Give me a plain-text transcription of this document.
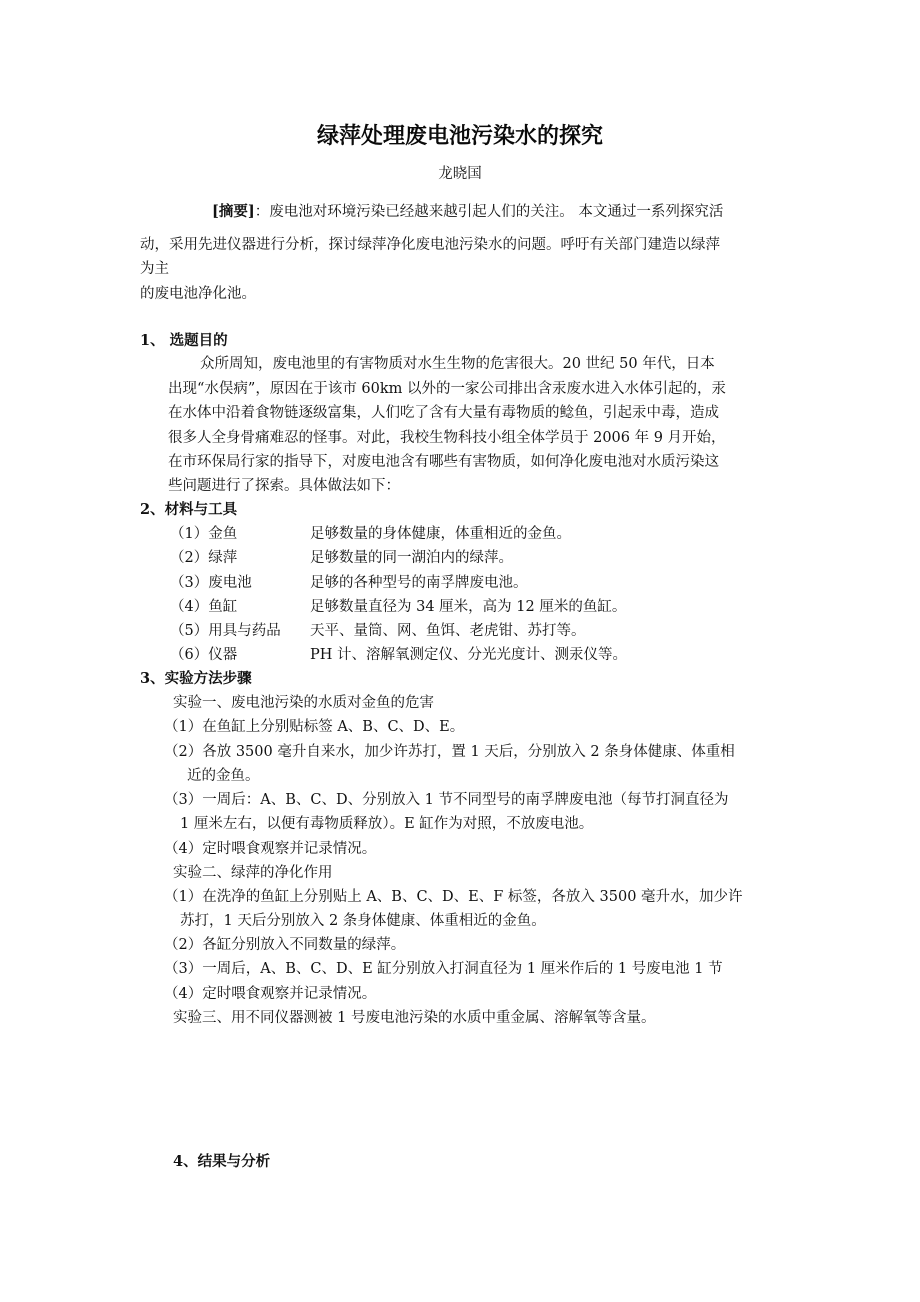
绿萍处理废电池污染水的探究
龙晓国
[摘要]：废电池对环境污染已经越来越引起人们的关注。 本文通过一系列探究活
动，采用先进仪器进行分析，探讨绿萍净化废电池污染水的问题。呼吁有关部门建造以绿萍
为主
的废电池净化池。
1、 选题目的
众所周知，废电池里的有害物质对水生生物的危害很大。20 世纪 50 年代，日本
出现“水俣病”，原因在于该市 60km 以外的一家公司排出含汞废水进入水体引起的，汞
在水体中沿着食物链逐级富集，人们吃了含有大量有毒物质的鲶鱼，引起汞中毒，造成
很多人全身骨痛难忍的怪事。对此，我校生物科技小组全体学员于 2006 年 9 月开始，
在市环保局行家的指导下，对废电池含有哪些有害物质，如何净化废电池对水质污染这
些问题进行了探索。具体做法如下：
2、材料与工具
（1）金鱼	足够数量的身体健康，体重相近的金鱼。
（2）绿萍	足够数量的同一湖泊内的绿萍。
（3）废电池	足够的各种型号的南孚牌废电池。
（4）鱼缸	足够数量直径为 34 厘米，高为 12 厘米的鱼缸。
（5）用具与药品 天平、量筒、网、鱼饵、老虎钳、苏打等。
（6）仪器	PH 计、溶解氧测定仪、分光光度计、测汞仪等。
3、实验方法步骤
实验一、废电池污染的水质对金鱼的危害
（1）在鱼缸上分别贴标签 A、B、C、D、E。
（2）各放 3500 毫升自来水，加少许苏打，置 1 天后，分别放入 2 条身体健康、体重相
近的金鱼。
（3）一周后：A、B、C、D、分别放入 1 节不同型号的南孚牌废电池（每节打洞直径为
1 厘米左右，以便有毒物质释放）。E 缸作为对照，不放废电池。
（4）定时喂食观察并记录情况。
实验二、绿萍的净化作用
（1）在洗净的鱼缸上分别贴上 A、B、C、D、E、F 标签，各放入 3500 毫升水，加少许
苏打，1 天后分别放入 2 条身体健康、体重相近的金鱼。
（2）各缸分别放入不同数量的绿萍。
（3）一周后，A、B、C、D、E 缸分别放入打洞直径为 1 厘米作后的 1 号废电池 1 节
（4）定时喂食观察并记录情况。
实验三、用不同仪器测被 1 号废电池污染的水质中重金属、溶解氧等含量。
4、结果与分析
